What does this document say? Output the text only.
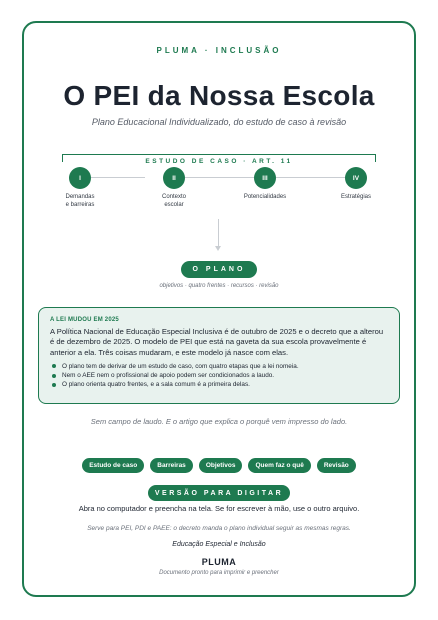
PLUMA · INCLUSÃO
O PEI da Nossa Escola
Plano Educacional Individualizado, do estudo de caso à revisão
ESTUDO DE CASO · ART. 11
I	II	III	IV
Demandas
e barreiras
Contexto
escolar
Potencialidades	Estratégias
O PLANO
objetivos · quatro frentes · recursos · revisão
A LEI MUDOU EM 2025

A Política Nacional de Educação Especial Inclusiva é de outubro de 2025 e o decreto que a alterou é de dezembro de 2025. O modelo de PEI que está na gaveta da sua escola provavelmente é anterior a ela. Três coisas mudaram, e este modelo já nasce com elas.

O plano tem de derivar de um estudo de caso, com quatro etapas que a lei nomeia.
Nem o AEE nem o profissional de apoio podem ser condicionados a laudo.
O plano orienta quatro frentes, e a sala comum é a primeira delas.
Sem campo de laudo. E o artigo que explica o porquê vem impresso do lado.
Estudo de caso	Barreiras	Objetivos	Quem faz o quê	Revisão
VERSÃO PARA DIGITAR
Abra no computador e preencha na tela. Se for escrever à mão, use o outro arquivo.
Serve para PEI, PDI e PAEE: o decreto manda o plano individual seguir as mesmas regras.
Educação Especial e Inclusão
PLUMA
Documento pronto para imprimir e preencher
